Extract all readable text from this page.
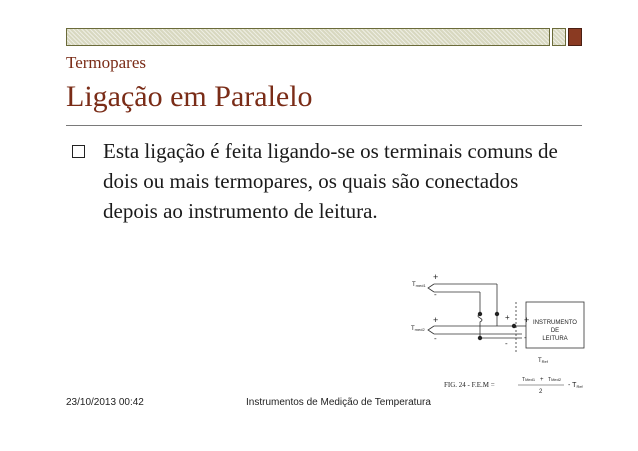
Termopares
Ligação em Paralelo
Esta ligação é feita ligando-se os terminais comuns de dois ou mais termopares, os quais são conectados depois ao instrumento de leitura.
Tmed1
Tmed2
+
-
+
-
+
-
+
-
INSTRUMENTO
DE
LEITURA
TRef
FIG. 24 - F.E.M =
TMed1 + TMed2
2
- TRef
23/10/2013 00:42	Instrumentos de Medição de Temperatura
